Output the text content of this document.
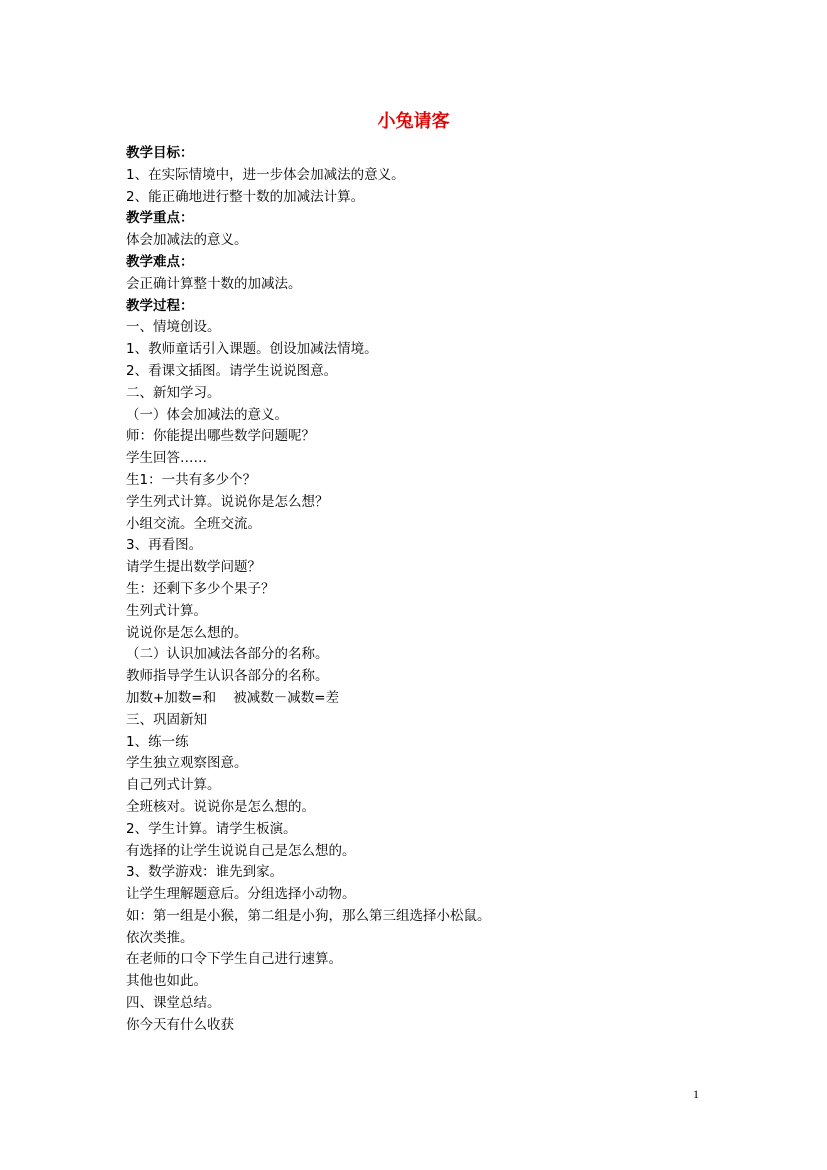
小兔请客
教学目标：
1、在实际情境中，进一步体会加减法的意义。
2、能正确地进行整十数的加减法计算。
教学重点：
体会加减法的意义。
教学难点：
会正确计算整十数的加减法。
教学过程：
一、情境创设。
1、教师童话引入课题。创设加减法情境。
2、看课文插图。请学生说说图意。
二、新知学习。
（一）体会加减法的意义。
师：你能提出哪些数学问题呢？
学生回答……
生1：一共有多少个？
学生列式计算。说说你是怎么想？
小组交流。全班交流。
3、再看图。
请学生提出数学问题？
生：还剩下多少个果子？
生列式计算。
说说你是怎么想的。
（二）认识加减法各部分的名称。
教师指导学生认识各部分的名称。
加数+加数=和    被减数－减数=差
三、巩固新知
1、练一练
学生独立观察图意。
自己列式计算。
全班核对。说说你是怎么想的。
2、学生计算。请学生板演。
有选择的让学生说说自己是怎么想的。
3、数学游戏：谁先到家。
让学生理解题意后。分组选择小动物。
如：第一组是小猴，第二组是小狗，那么第三组选择小松鼠。
依次类推。
在老师的口令下学生自己进行速算。
其他也如此。
四、课堂总结。
你今天有什么收获
1
